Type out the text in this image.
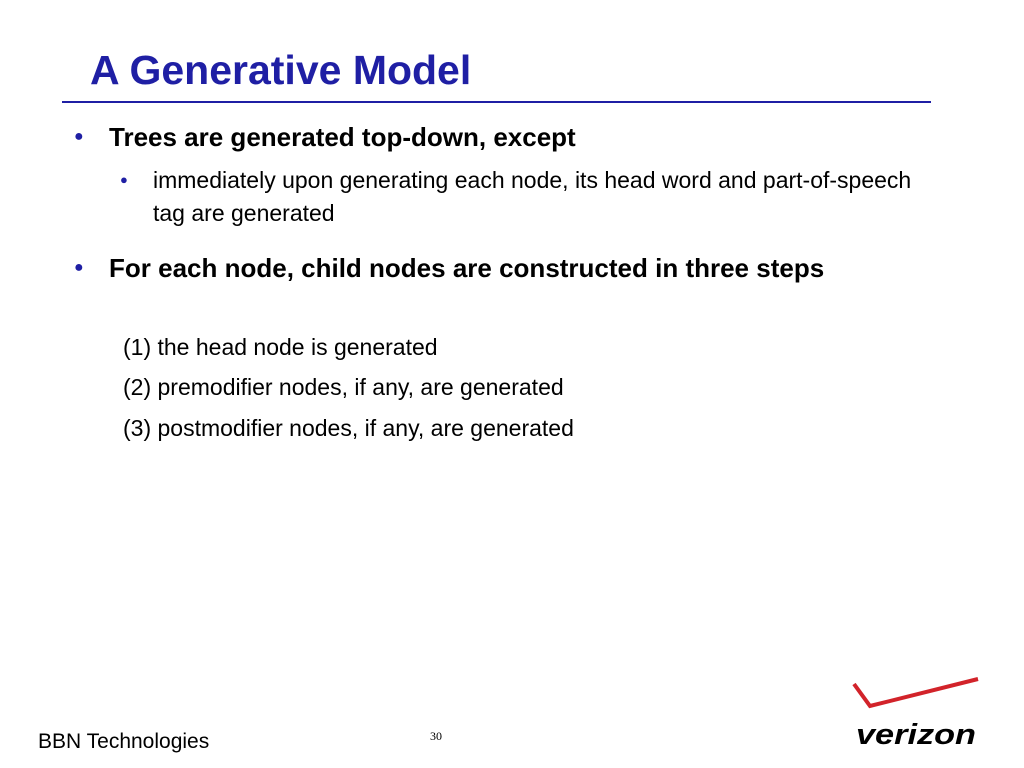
A Generative Model
● Trees are generated top-down, except
● immediately upon generating each node, its head word and part-of-speech tag are generated
● For each node, child nodes are constructed in three steps
(1) the head node is generated
(2) premodifier nodes, if any, are generated
(3) postmodifier nodes, if any, are generated
BBN Technologies	30	verizon
